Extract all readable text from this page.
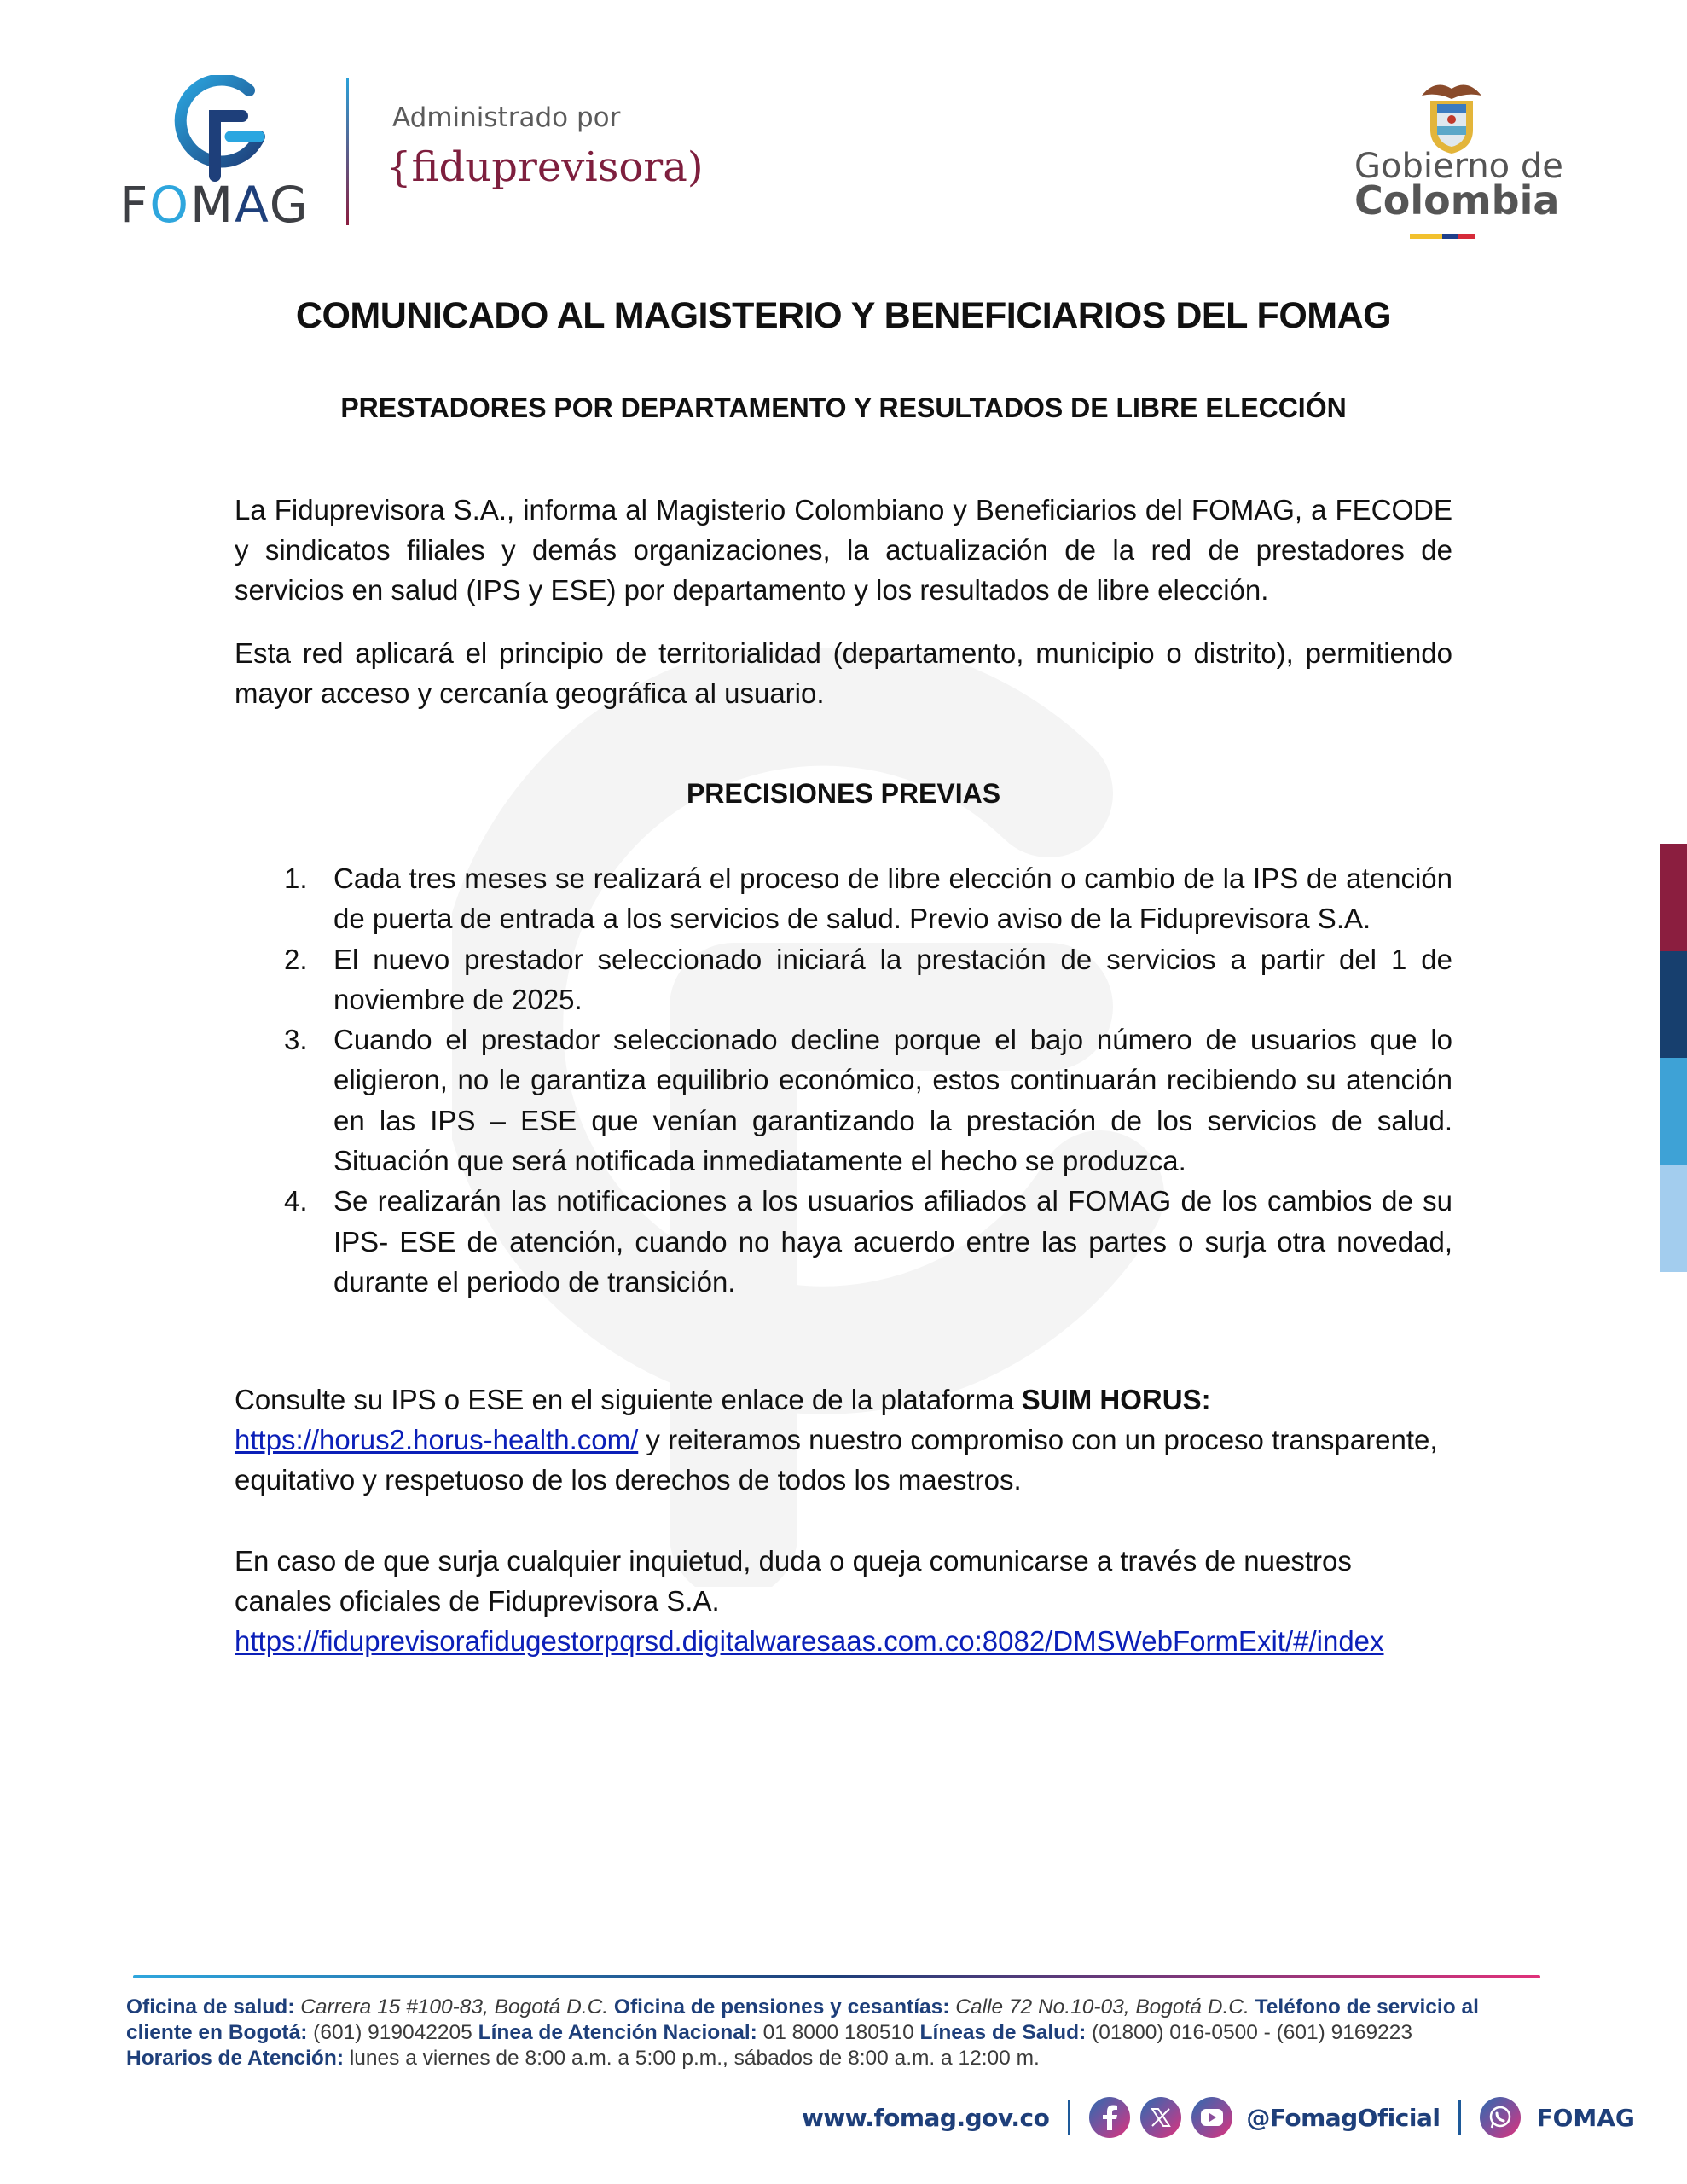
FOMAG
Administrado por
{fiduprevisora)	Gobierno de
Colombia
COMUNICADO AL MAGISTERIO Y BENEFICIARIOS DEL FOMAG
PRESTADORES POR DEPARTAMENTO Y RESULTADOS DE LIBRE ELECCIÓN

La Fiduprevisora S.A., informa al Magisterio Colombiano y Beneficiarios del FOMAG, a FECODE y sindicatos filiales y demás organizaciones, la actualización de la red de prestadores de servicios en salud (IPS y ESE) por departamento y los resultados de libre elección.

Esta red aplicará el principio de territorialidad (departamento, municipio o distrito), permitiendo mayor acceso y cercanía geográfica al usuario.

PRECISIONES PREVIAS
1. Cada tres meses se realizará el proceso de libre elección o cambio de la IPS de atención de puerta de entrada a los servicios de salud. Previo aviso de la Fiduprevisora S.A.
2. El nuevo prestador seleccionado iniciará la prestación de servicios a partir del 1 de noviembre de 2025.
3. Cuando el prestador seleccionado decline porque el bajo número de usuarios que lo eligieron, no le garantiza equilibrio económico, estos continuarán recibiendo su atención en las IPS – ESE que venían garantizando la prestación de los servicios de salud. Situación que será notificada inmediatamente el hecho se produzca.
4. Se realizarán las notificaciones a los usuarios afiliados al FOMAG de los cambios de su IPS- ESE de atención, cuando no haya acuerdo entre las partes o surja otra novedad, durante el periodo de transición.

Consulte su IPS o ESE en el siguiente enlace de la plataforma SUIM HORUS:
https://horus2.horus-health.com/ y reiteramos nuestro compromiso con un proceso transparente, equitativo y respetuoso de los derechos de todos los maestros.

En caso de que surja cualquier inquietud, duda o queja comunicarse a través de nuestros canales oficiales de Fiduprevisora S.A.
https://fiduprevisorafidugestorpqrsd.digitalwaresaas.com.co:8082/DMSWebFormExit/#/index

Oficina de salud: Carrera 15 #100-83, Bogotá D.C. Oficina de pensiones y cesantías: Calle 72 No.10-03, Bogotá D.C. Teléfono de servicio al cliente en Bogotá: (601) 919042205 Línea de Atención Nacional: 01 8000 180510 Líneas de Salud: (01800) 016-0500 - (601) 9169223
Horarios de Atención: lunes a viernes de 8:00 a.m. a 5:00 p.m., sábados de 8:00 a.m. a 12:00 m.
www.fomag.gov.co	@FomagOficial	FOMAG
